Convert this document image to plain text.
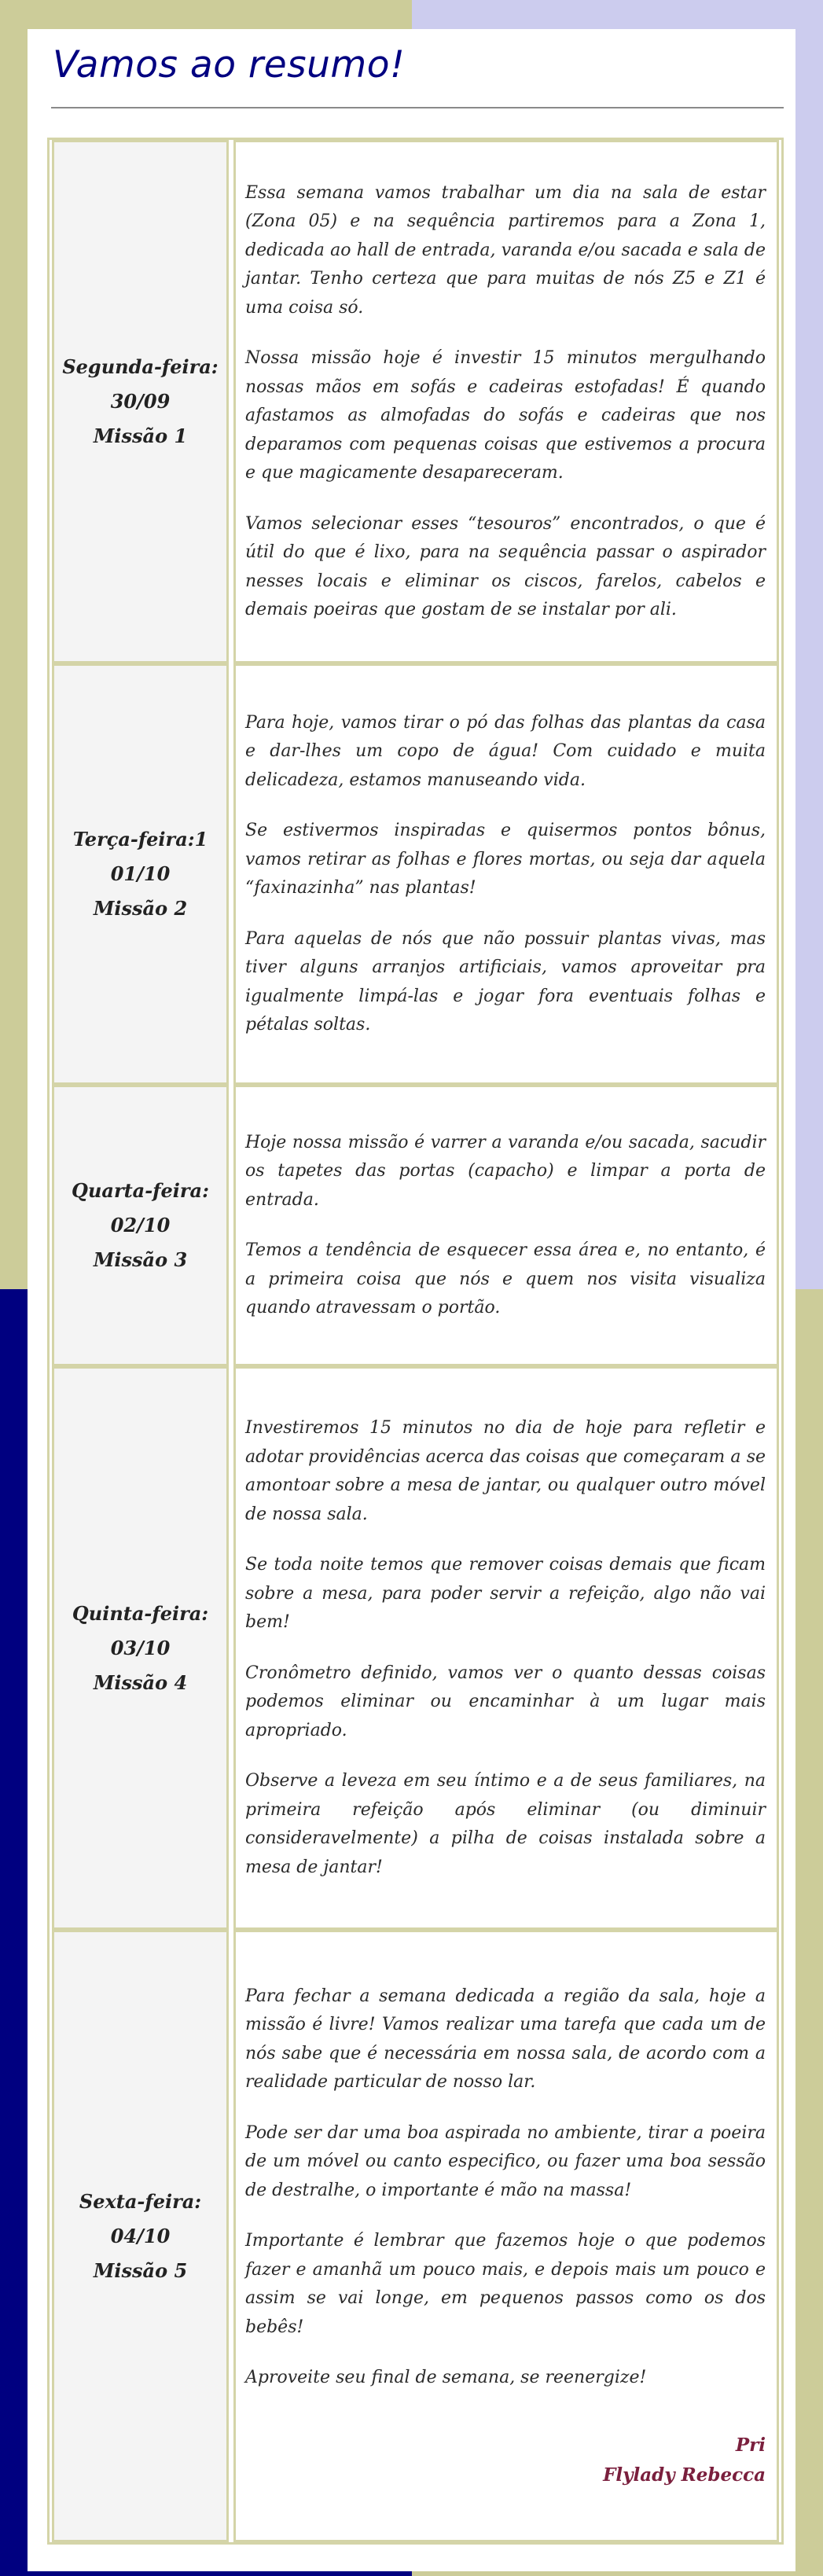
Vamos ao resumo!
Segunda-feira:
30/09
Missão 1

Essa semana vamos trabalhar um dia na sala de estar (Zona 05) e na sequência partiremos para a Zona 1, dedicada ao hall de entrada, varanda e/ou sacada e sala de jantar. Tenho certeza que para muitas de nós Z5 e Z1 é uma coisa só.

Nossa missão hoje é investir 15 minutos mergulhando nossas mãos em sofás e cadeiras estofadas! É quando afastamos as almofadas do sofás e cadeiras que nos deparamos com pequenas coisas que estivemos a procura e que magicamente desapareceram.

Vamos selecionar esses “tesouros” encontrados, o que é útil do que é lixo, para na sequência passar o aspirador nesses locais e eliminar os ciscos, farelos, cabelos e demais poeiras que gostam de se instalar por ali.

Terça-feira:1
01/10
Missão 2

Para hoje, vamos tirar o pó das folhas das plantas da casa e dar-lhes um copo de água! Com cuidado e muita delicadeza, estamos manuseando vida.

Se estivermos inspiradas e quisermos pontos bônus, vamos retirar as folhas e flores mortas, ou seja dar aquela “faxinazinha” nas plantas!

Para aquelas de nós que não possuir plantas vivas, mas tiver alguns arranjos artificiais, vamos aproveitar pra igualmente limpá-las e jogar fora eventuais folhas e pétalas soltas.

Quarta-feira:
02/10
Missão 3

Hoje nossa missão é varrer a varanda e/ou sacada, sacudir os tapetes das portas (capacho) e limpar a porta de entrada.

Temos a tendência de esquecer essa área e, no entanto, é a primeira coisa que nós e quem nos visita visualiza quando atravessam o portão.

Quinta-feira:
03/10
Missão 4

Investiremos 15 minutos no dia de hoje para refletir e adotar providências acerca das coisas que começaram a se amontoar sobre a mesa de jantar, ou qualquer outro móvel de nossa sala.

Se toda noite temos que remover coisas demais que ficam sobre a mesa, para poder servir a refeição, algo não vai bem!

Cronômetro definido, vamos ver o quanto dessas coisas podemos eliminar ou encaminhar à um lugar mais apropriado.

Observe a leveza em seu íntimo e a de seus familiares, na primeira refeição após eliminar (ou diminuir consideravelmente) a pilha de coisas instalada sobre a mesa de jantar!

Sexta-feira:
04/10
Missão 5

Para fechar a semana dedicada a região da sala, hoje a missão é livre! Vamos realizar uma tarefa que cada um de nós sabe que é necessária em nossa sala, de acordo com a realidade particular de nosso lar.

Pode ser dar uma boa aspirada no ambiente, tirar a poeira de um móvel ou canto especifico, ou fazer uma boa sessão de destralhe, o importante é mão na massa!

Importante é lembrar que fazemos hoje o que podemos fazer e amanhã um pouco mais, e depois mais um pouco e assim se vai longe, em pequenos passos como os dos bebês!

Aproveite seu final de semana, se reenergize!

Pri
Flylady Rebecca
